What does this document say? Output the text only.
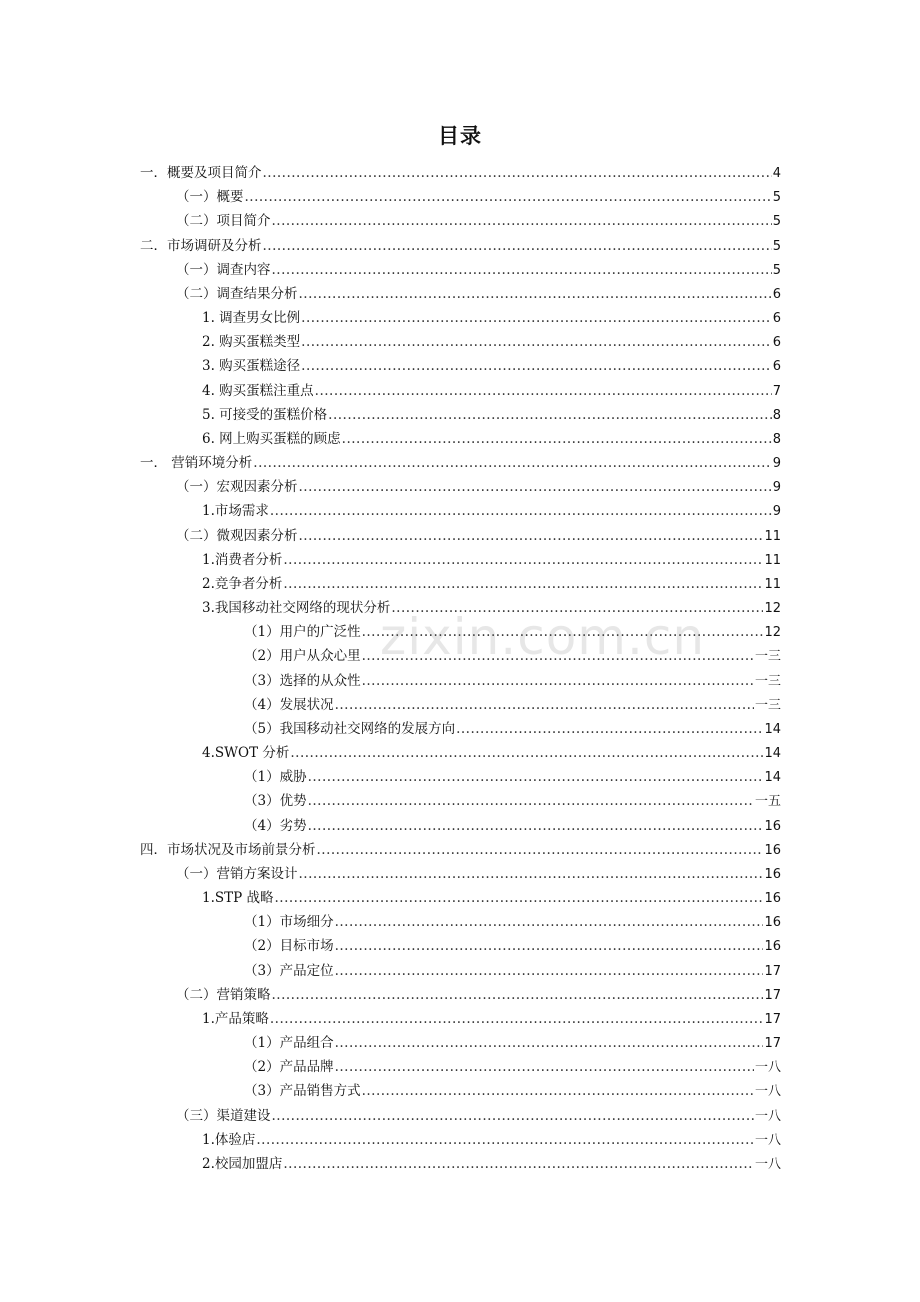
目录
一．概要及项目简介 .....	4
（一）概要 .....	5
（二）项目简介 .....	5
二．市场调研及分析 .....	5
（一）调查内容 .....	5
（二）调查结果分析 .....	6
1. 调查男女比例 .....	6
2. 购买蛋糕类型 .....	6
3. 购买蛋糕途径 .....	6
4. 购买蛋糕注重点 .....	7
5. 可接受的蛋糕价格 .....	8
6. 网上购买蛋糕的顾虑 .....	8
一． 营销环境分析 .....	9
（一）宏观因素分析 .....	9
1.市场需求 .....	9
（二）微观因素分析 .....	11
1.消费者分析 .....	11
2.竞争者分析 .....	11
3.我国移动社交网络的现状分析 .....	12
（1）用户的广泛性 .....	12
（2）用户从众心里 .....	一三
（3）选择的从众性 .....	一三
（4）发展状况 .....	一三
（5）我国移动社交网络的发展方向 .....	14
4.SWOT 分析 .....	14
（1）威胁 .....	14
（3）优势 .....	一五
（4）劣势 .....	16
四．市场状况及市场前景分析 .....	16
（一）营销方案设计 .....	16
1.STP 战略 .....	16
（1）市场细分 .....	16
（2）目标市场 .....	16
（3）产品定位 .....	17
（二）营销策略 .....	17
1.产品策略 .....	17
（1）产品组合 .....	17
（2）产品品牌 .....	一八
（3）产品销售方式 .....	一八
（三）渠道建设 .....	一八
1.体验店 .....	一八
2.校园加盟店 .....	一八
zixin.com.cn
